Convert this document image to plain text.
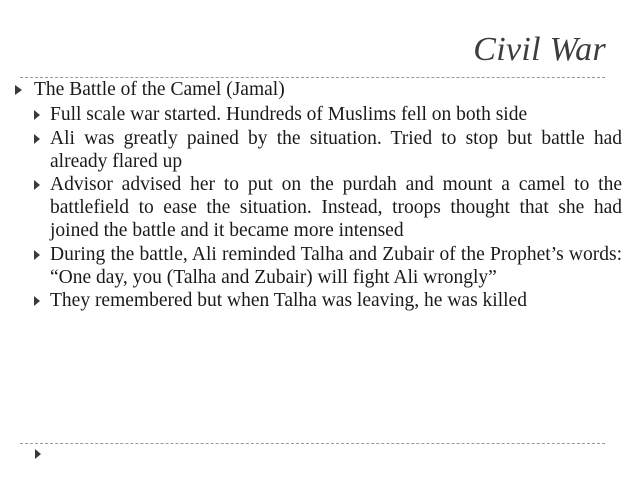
Civil War
The Battle of the Camel (Jamal)
Full scale war started. Hundreds of Muslims fell on both side
Ali was greatly pained by the situation. Tried to stop but battle had already flared up
Advisor advised her to put on the purdah and mount a camel to the battlefield to ease the situation. Instead, troops thought that she had joined the battle and it became more intensed
During the battle, Ali reminded Talha and Zubair of the Prophet’s words: “One day, you (Talha and Zubair) will fight Ali wrongly”
They remembered but when Talha was leaving, he was killed
